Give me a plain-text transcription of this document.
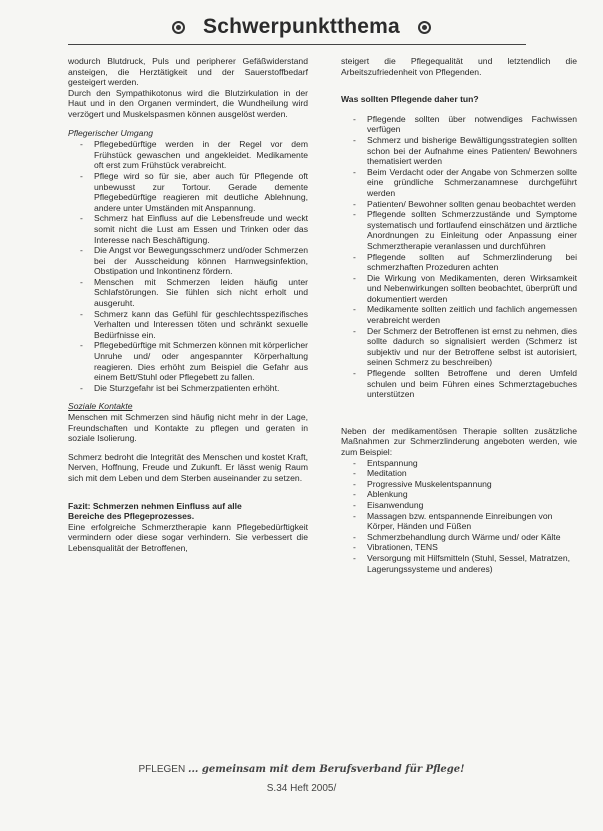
Schwerpunktthema

wodurch Blutdruck, Puls und peripherer Gefäßwiderstand ansteigen, die Herztätigkeit und der Sauerstoffbedarf gesteigert werden.

Durch den Sympathikotonus wird die Blutzirkulation in der Haut und in den Organen vermindert, die Wundheilung wird verzögert und Muskelspasmen können ausgelöst werden.

Pflegerischer Umgang

- Pflegebedürftige werden in der Regel vor dem Frühstück gewaschen und angekleidet. Medikamente oft erst zum Frühstück verabreicht.
- Pflege wird so für sie, aber auch für Pflegende oft unbewusst zur Tortour. Gerade demente Pflegebedürftige reagieren mit deutliche Ablehnung, andere unter Umständen mit Anspannung.
- Schmerz hat Einfluss auf die Lebensfreude und weckt somit nicht die Lust am Essen und Trinken oder das Interesse nach Beschäftigung.
- Die Angst vor Bewegungsschmerz und/oder Schmerzen bei der Ausscheidung können Harnwegsinfektion, Obstipation und Inkontinenz fördern.
- Menschen mit Schmerzen leiden häufig unter Schlafstörungen. Sie fühlen sich nicht erholt und ausgeruht.
- Schmerz kann das Gefühl für geschlechtsspezifisches Verhalten und Interessen töten und schränkt sexuelle Bedürfnisse ein.
- Pflegebedürftige mit Schmerzen können mit körperlicher Unruhe und/ oder angespannter Körperhaltung reagieren. Dies erhöht zum Beispiel die Gefahr aus einem Bett/Stuhl oder Pflegebett zu fallen.
- Die Sturzgefahr ist bei Schmerzpatienten erhöht.

Soziale Kontakte

Menschen mit Schmerzen sind häufig nicht mehr in der Lage, Freundschaften und Kontakte zu pflegen und geraten in soziale Isolierung.

Schmerz bedroht die Integrität des Menschen und kostet Kraft, Nerven, Hoffnung, Freude und Zukunft. Er lässt wenig Raum sich mit dem Leben und dem Sterben auseinander zu setzen.

Fazit: Schmerzen nehmen Einfluss auf alle

Bereiche des Pflegeprozesses.

Eine erfolgreiche Schmerztherapie kann Pflegebedürftigkeit vermindern oder diese sogar verhindern. Sie verbessert die Lebensqualität der Betroffenen,

steigert die Pflegequalität und letztendlich die Arbeitszufriedenheit von Pflegenden.

Was sollten Pflegende daher tun?

- Pflegende sollten über notwendiges Fachwissen verfügen
- Schmerz und bisherige Bewältigungsstrategien sollten schon bei der Aufnahme eines Patienten/ Bewohners thematisiert werden
- Beim Verdacht oder der Angabe von Schmerzen sollte eine gründliche Schmerzanamnese durchgeführt werden
- Patienten/ Bewohner sollten genau beobachtet werden
- Pflegende sollten Schmerzzustände und Symptome systematisch und fortlaufend einschätzen und ärztliche Anordnungen zu Einleitung oder Anpassung einer Schmerztherapie veranlassen und durchführen
- Pflegende sollten auf Schmerzlinderung bei schmerzhaften Prozeduren achten
- Die Wirkung von Medikamenten, deren Wirksamkeit und Nebenwirkungen sollten beobachtet, überprüft und dokumentiert werden
- Medikamente sollten zeitlich und fachlich angemessen verabreicht werden
- Der Schmerz der Betroffenen ist ernst zu nehmen, dies sollte dadurch so signalisiert werden (Schmerz ist subjektiv und nur der Betroffene selbst ist autorisiert, seinen Schmerz zu beschreiben)
- Pflegende sollten Betroffene und deren Umfeld schulen und beim Führen eines Schmerztagebuches unterstützen

Neben der medikamentösen Therapie sollten zusätzliche Maßnahmen zur Schmerzlinderung angeboten werden, wie zum Beispiel:

- Entspannung
- Meditation
- Progressive Muskelentspannung
- Ablenkung
- Eisanwendung
- Massagen bzw. entspannende Einreibungen von Körper, Händen und Füßen
- Schmerzbehandlung durch Wärme und/ oder Kälte
- Vibrationen, TENS
- Versorgung mit Hilfsmitteln (Stuhl, Sessel, Matratzen, Lagerungssysteme und anderes)
PFLEGEN ... gemeinsam mit dem Berufsverband für Pflege!
S.34 Heft 2005/
